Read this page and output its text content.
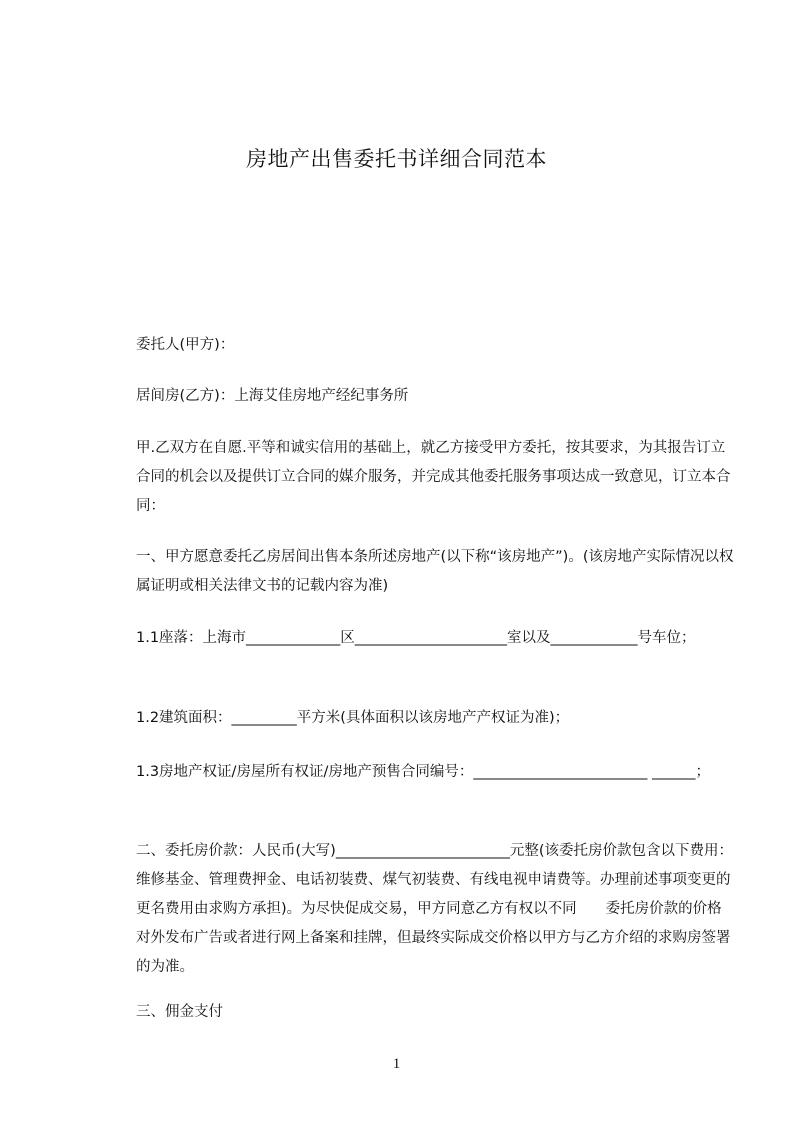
房地产出售委托书详细合同范本

委托人(甲方)：

居间房(乙方)：上海艾佳房地产经纪事务所

甲.乙双方在自愿.平等和诚实信用的基础上，就乙方接受甲方委托，按其要求，为其报告订立合同的机会以及提供订立合同的媒介服务，并完成其他委托服务事项达成一致意见，订立本合同：

一、甲方愿意委托乙房居间出售本条所述房地产(以下称“该房地产”)。(该房地产实际情况以权属证明或相关法律文书的记载内容为准)

1.1座落：上海市_____________区_____________________室以及____________号车位；

1.2建筑面积：_________平方米(具体面积以该房地产产权证为准)；

1.3房地产权证/房屋所有权证/房地产预售合同编号：________________________ ______；

二、委托房价款：人民币(大写)________________________元整(该委托房价款包含以下费用：维修基金、管理费押金、电话初装费、煤气初装费、有线电视申请费等。办理前述事项变更的更名费用由求购方承担)。为尽快促成交易，甲方同意乙方有权以不同　　委托房价款的价格对外发布广告或者进行网上备案和挂牌，但最终实际成交价格以甲方与乙方介绍的求购房签署的为准。

三、佣金支付

1
